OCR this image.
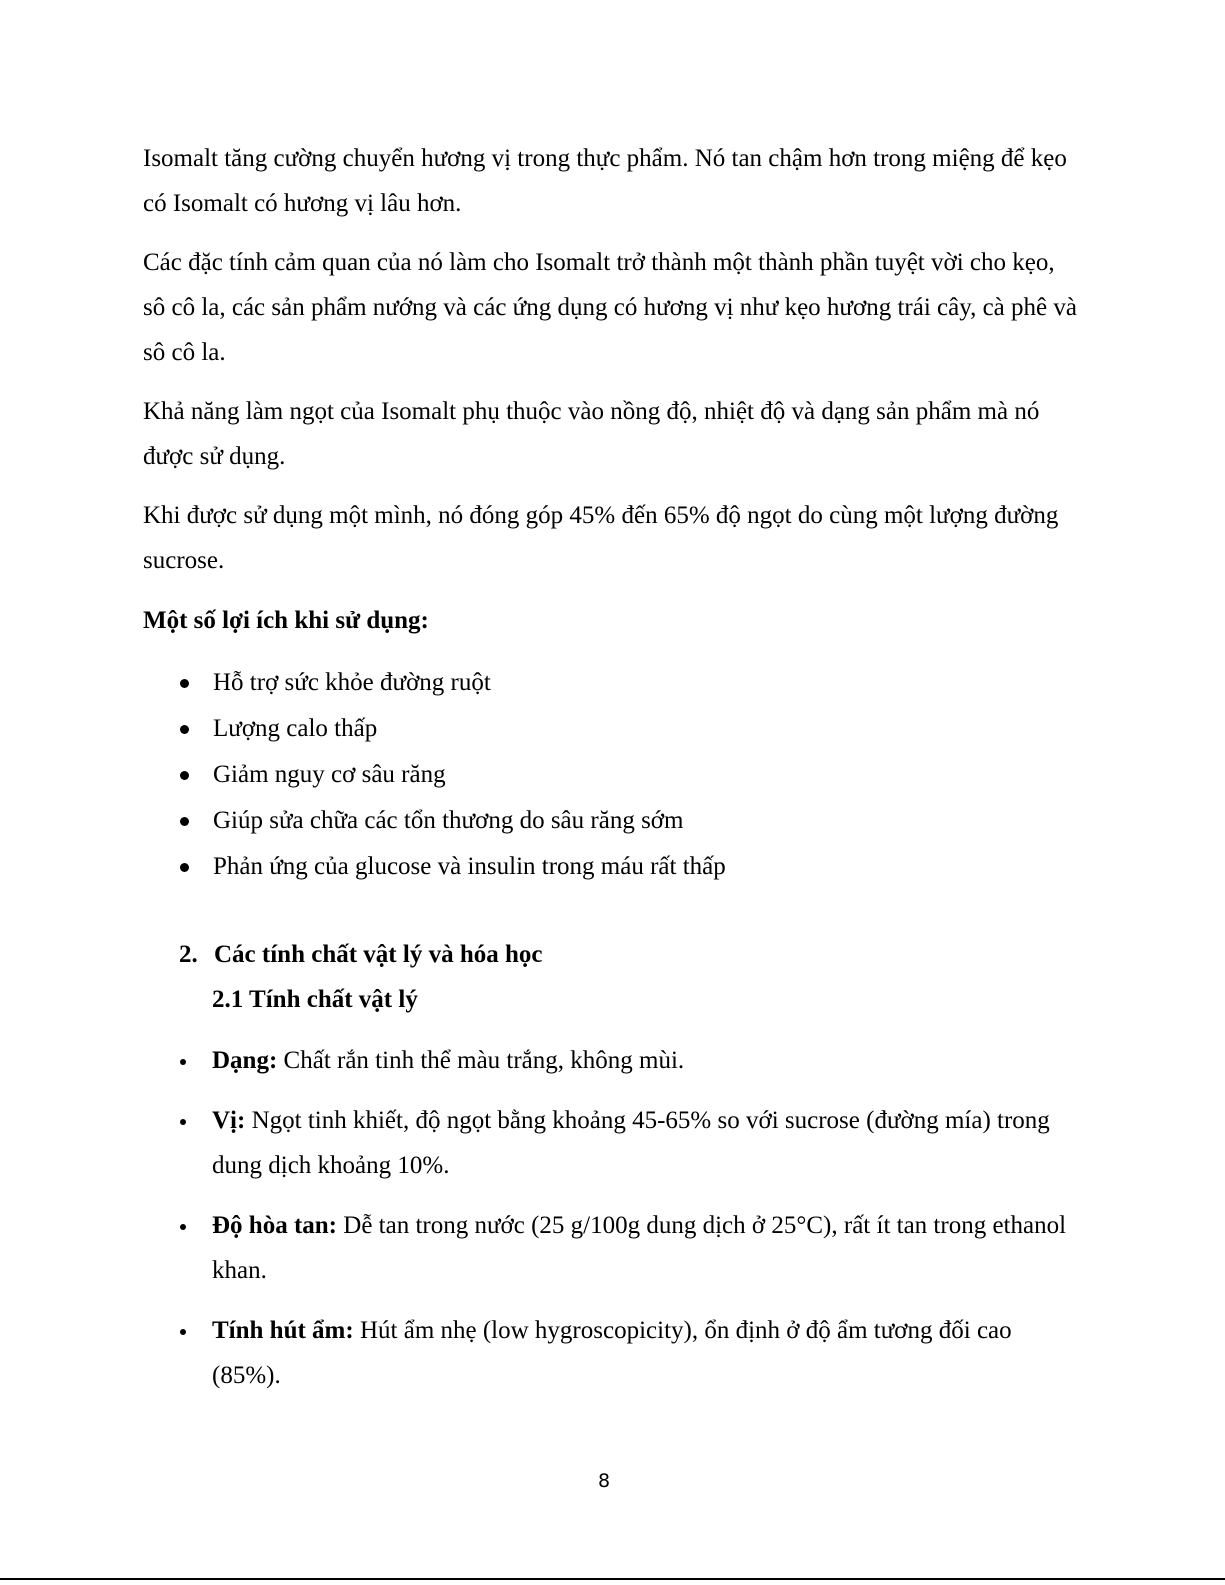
Isomalt tăng cường chuyển hương vị trong thực phẩm. Nó tan chậm hơn trong miệng để kẹo có Isomalt có hương vị lâu hơn.

Các đặc tính cảm quan của nó làm cho Isomalt trở thành một thành phần tuyệt vời cho kẹo, sô cô la, các sản phẩm nướng và các ứng dụng có hương vị như kẹo hương trái cây, cà phê và sô cô la.

Khả năng làm ngọt của Isomalt phụ thuộc vào nồng độ, nhiệt độ và dạng sản phẩm mà nó được sử dụng.

Khi được sử dụng một mình, nó đóng góp 45% đến 65% độ ngọt do cùng một lượng đường sucrose.

Một số lợi ích khi sử dụng:

Hỗ trợ sức khỏe đường ruột
Lượng calo thấp
Giảm nguy cơ sâu răng
Giúp sửa chữa các tổn thương do sâu răng sớm
Phản ứng của glucose và insulin trong máu rất thấp

2. Các tính chất vật lý và hóa học

2.1 Tính chất vật lý

Dạng: Chất rắn tinh thể màu trắng, không mùi.
Vị: Ngọt tinh khiết, độ ngọt bằng khoảng 45-65% so với sucrose (đường mía) trong dung dịch khoảng 10%.
Độ hòa tan: Dễ tan trong nước (25 g/100g dung dịch ở 25°C), rất ít tan trong ethanol khan.
Tính hút ẩm: Hút ẩm nhẹ (low hygroscopicity), ổn định ở độ ẩm tương đối cao (85%).
8
